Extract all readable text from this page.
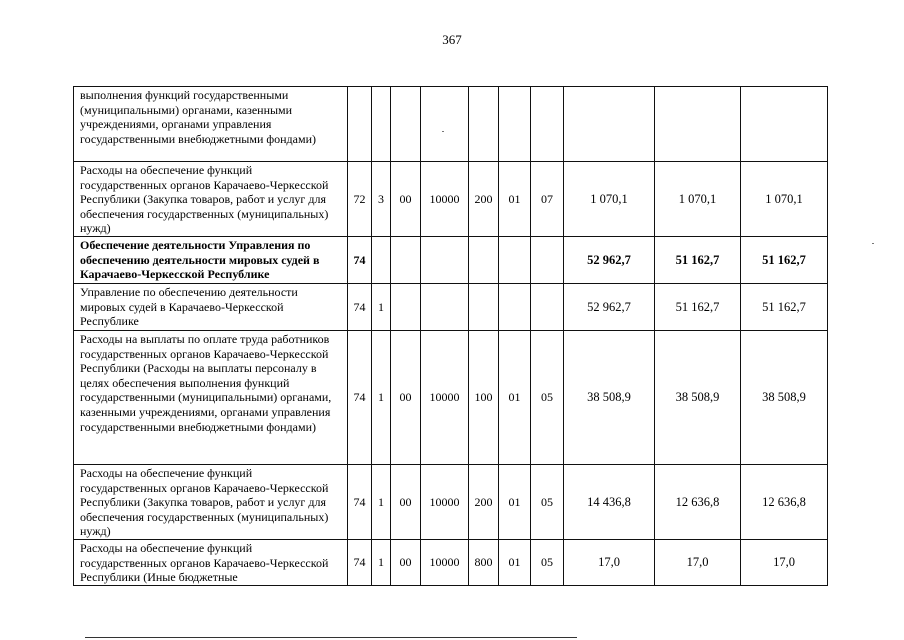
367
выполнения функций государственными (муниципальными) органами, казенными учреждениями, органами управления государственными внебюджетными фондами)										
Расходы на обеспечение функций государственных органов Карачаево-Черкесской Республики (Закупка товаров, работ и услуг для обеспечения государственных (муниципальных) нужд)	72	3	00	10000	200	01	07	1 070,1	1 070,1	1 070,1
Обеспечение деятельности Управления по обеспечению деятельности мировых судей в Карачаево-Черкесской Республике	74							52 962,7	51 162,7	51 162,7
Управление по обеспечению деятельности мировых судей в Карачаево-Черкесской Республике	74	1						52 962,7	51 162,7	51 162,7
Расходы на выплаты по оплате труда работников государственных органов Карачаево-Черкесской Республики (Расходы на выплаты персоналу в целях обеспечения выполнения функций государственными (муниципальными) органами, казенными учреждениями, органами управления государственными внебюджетными фондами)	74	1	00	10000	100	01	05	38 508,9	38 508,9	38 508,9
Расходы на обеспечение функций государственных органов Карачаево-Черкесской Республики (Закупка товаров, работ и услуг для обеспечения государственных (муниципальных) нужд)	74	1	00	10000	200	01	05	14 436,8	12 636,8	12 636,8
Расходы на обеспечение функций государственных органов Карачаево-Черкесской Республики (Иные бюджетные	74	1	00	10000	800	01	05	17,0	17,0	17,0
